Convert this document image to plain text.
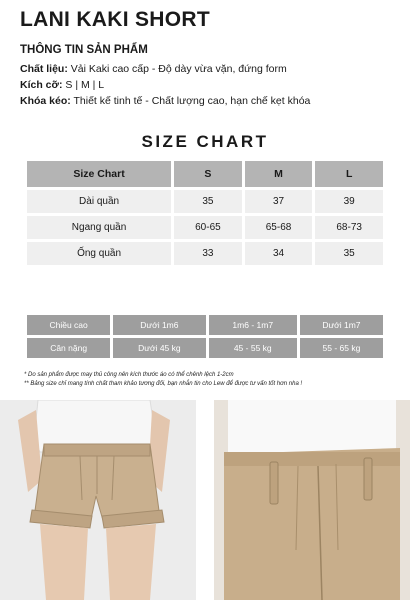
LANI KAKI SHORT
THÔNG TIN SẢN PHẨM
Chất liệu: Vải Kaki cao cấp - Độ dày vừa vặn, đứng form
Kích cỡ: S | M | L
Khóa kéo: Thiết kế tinh tế - Chất lượng cao, hạn chế kẹt khóa
SIZE CHART
Size Chart	S	M	L
Dài quần	35	37	39
Ngang quần	60-65	65-68	68-73
Ống quần	33	34	35
Chiều cao	Dưới 1m6	1m6 - 1m7	Dưới 1m7
Cân nặng	Dưới 45 kg	45 - 55 kg	55 - 65 kg
* Do sản phẩm được may thủ công nên kích thước áo có thể chênh lệch 1-2cm
** Bảng size chỉ mang tính chất tham khảo tương đối, bạn nhắn tin cho Lew để được tư vấn tốt hơn nha !
